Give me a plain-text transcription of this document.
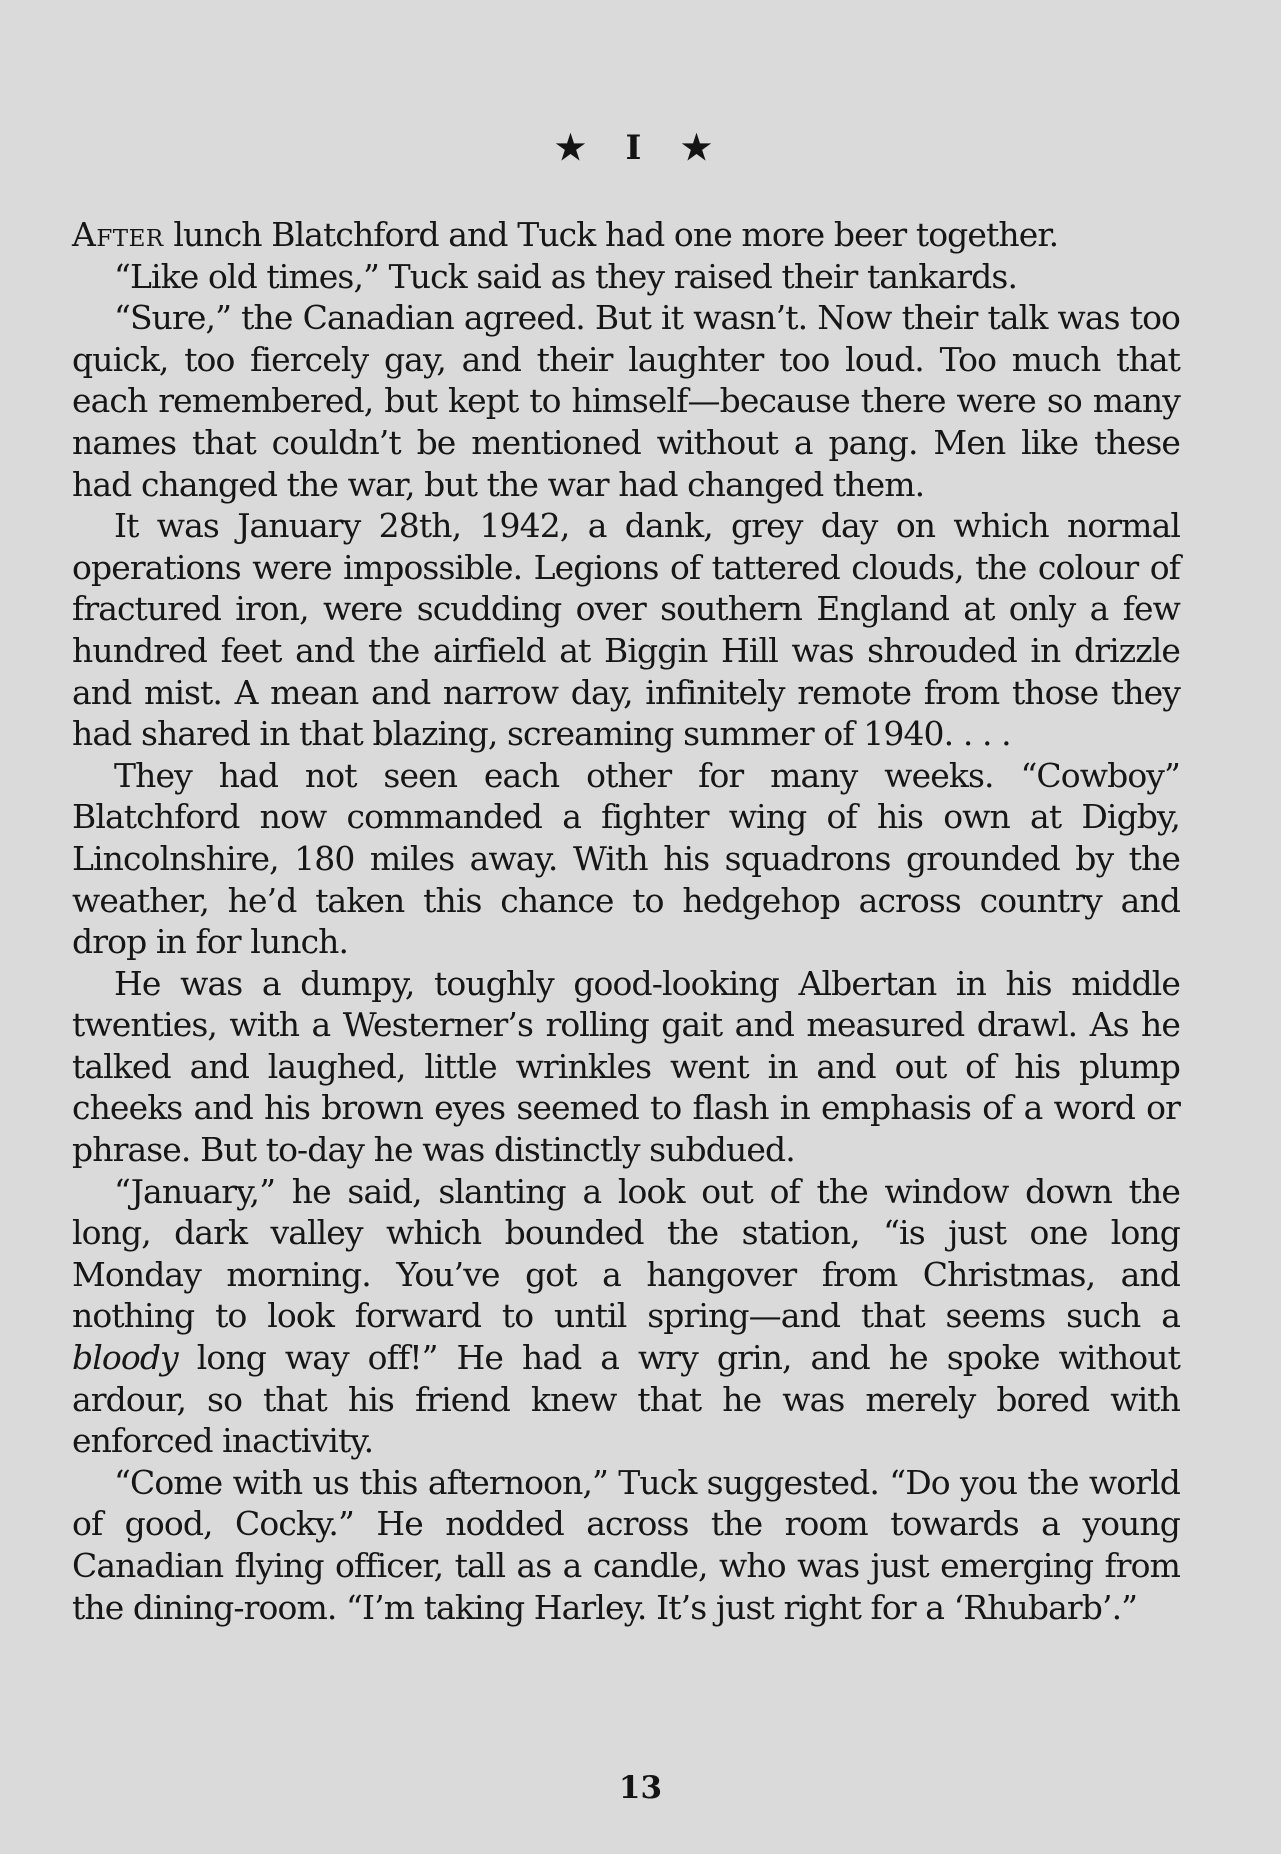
★ I ★

After lunch Blatchford and Tuck had one more beer together.

“Like old times,” Tuck said as they raised their tankards.

“Sure,” the Canadian agreed. But it wasn’t. Now their talk was too quick, too fiercely gay, and their laughter too loud. Too much that each remembered, but kept to himself—because there were so many names that couldn’t be mentioned without a pang. Men like these had changed the war, but the war had changed them.

It was January 28th, 1942, a dank, grey day on which normal operations were impossible. Legions of tattered clouds, the colour of fractured iron, were scudding over southern England at only a few hundred feet and the airfield at Biggin Hill was shrouded in drizzle and mist. A mean and narrow day, infinitely remote from those they had shared in that blazing, screaming summer of 1940. . . .

They had not seen each other for many weeks. “Cowboy” Blatchford now commanded a fighter wing of his own at Digby, Lincolnshire, 180 miles away. With his squadrons grounded by the weather, he’d taken this chance to hedgehop across country and drop in for lunch.

He was a dumpy, toughly good-looking Albertan in his middle twenties, with a Westerner’s rolling gait and measured drawl. As he talked and laughed, little wrinkles went in and out of his plump cheeks and his brown eyes seemed to flash in emphasis of a word or phrase. But to-day he was distinctly subdued.

“January,” he said, slanting a look out of the window down the long, dark valley which bounded the station, “is just one long Monday morning. You’ve got a hangover from Christmas, and nothing to look forward to until spring—and that seems such a bloody long way off!” He had a wry grin, and he spoke without ardour, so that his friend knew that he was merely bored with enforced inactivity.

“Come with us this afternoon,” Tuck suggested. “Do you the world of good, Cocky.” He nodded across the room towards a young Canadian flying officer, tall as a candle, who was just emerging from the dining-room. “I’m taking Harley. It’s just right for a ‘Rhubarb’.”

13
